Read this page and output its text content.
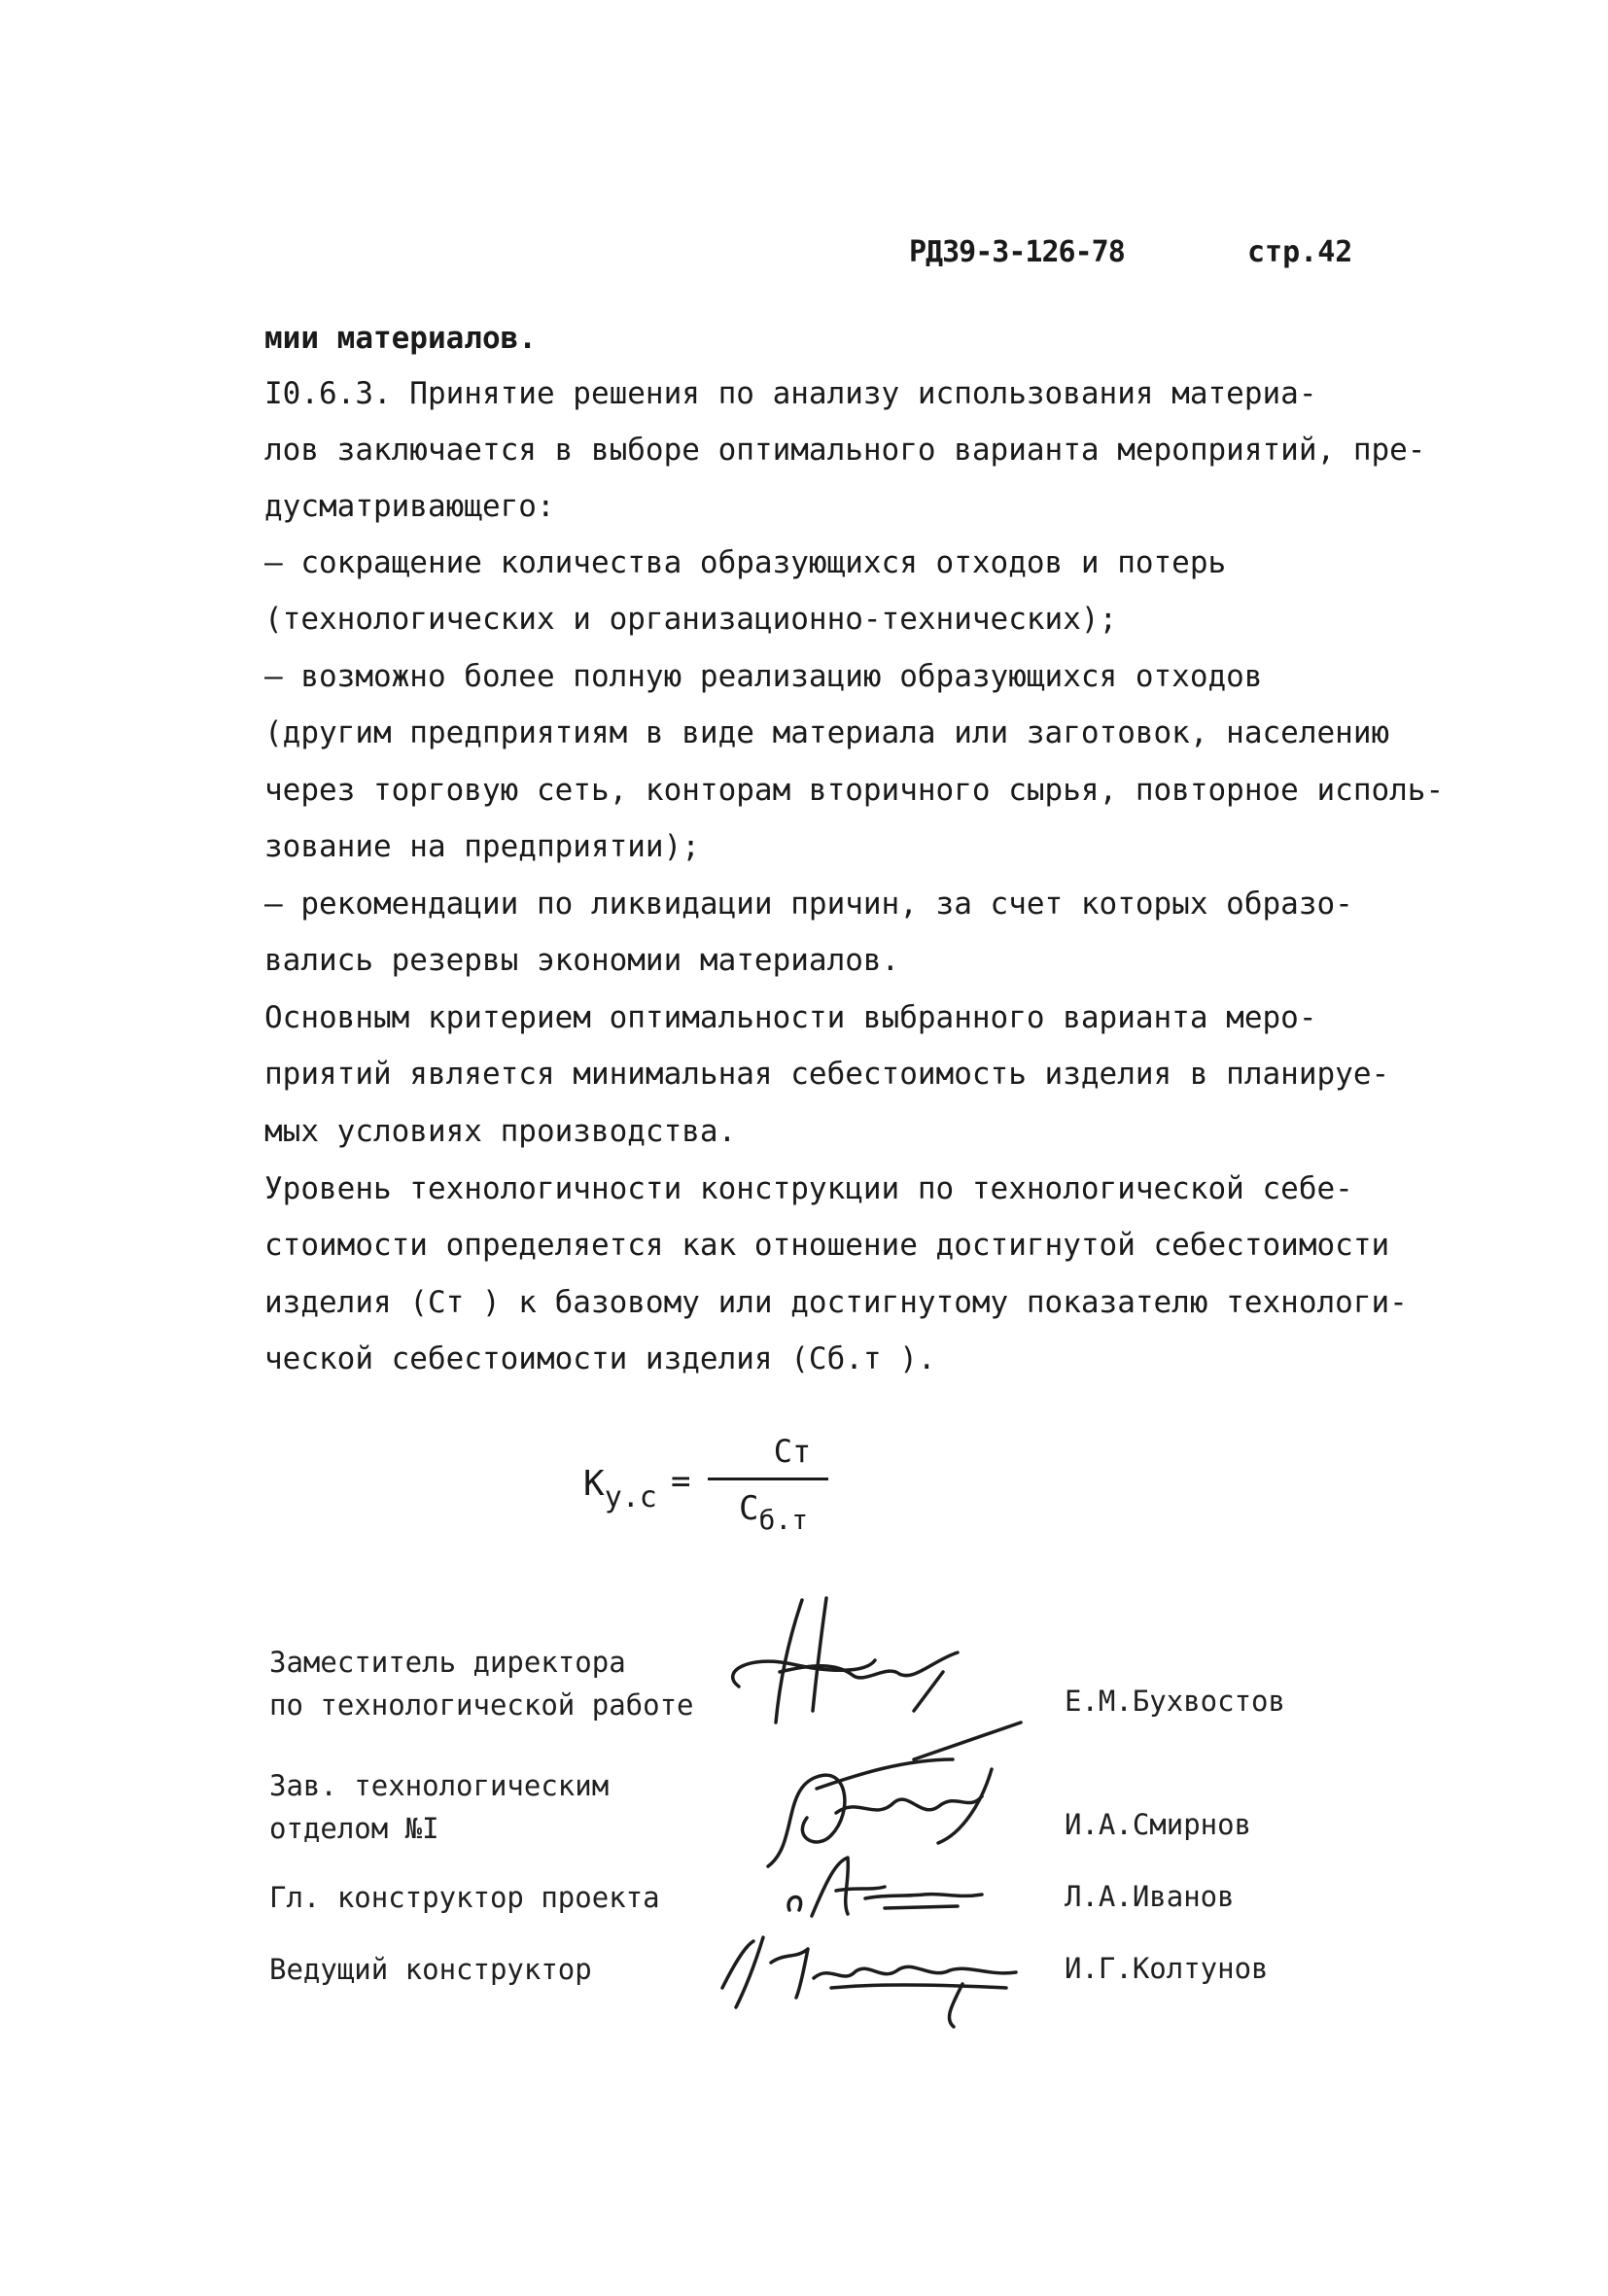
РДЗ9-3-126-78	стр.42
мии материалов.
І0.6.3. Принятие решения по анализу использования материа-
лов заключается в выборе оптимального варианта мероприятий, пре-
дусматривающего:
– сокращение количества образующихся отходов и потерь
(технологических и организационно-технических);
– возможно более полную реализацию образующихся отходов
(другим предприятиям в виде материала или заготовок, населению
через торговую сеть, конторам вторичного сырья, повторное исполь-
зование на предприятии);
– рекомендации по ликвидации причин, за счет которых образо-
вались резервы экономии материалов.
Основным критерием оптимальности выбранного варианта меро-
приятий является минимальная себестоимость изделия в планируе-
мых условиях производства.
Уровень технологичности конструкции по технологической себе-
стоимости определяется как отношение достигнутой себестоимости
изделия (Ст ) к базовому или достигнутому показателю технологи-
ческой себестоимости изделия (Сб.т ).
$К_{у.с}$ =
Ст
$С_{б.т}$
Заместитель директора
по технологической работе	Е.М.Бухвостов
Зав. технологическим
отделом №І	И.А.Смирнов
Гл. конструктор проекта	Л.А.Иванов
Ведущий конструктор	И.Г.Колтунов
